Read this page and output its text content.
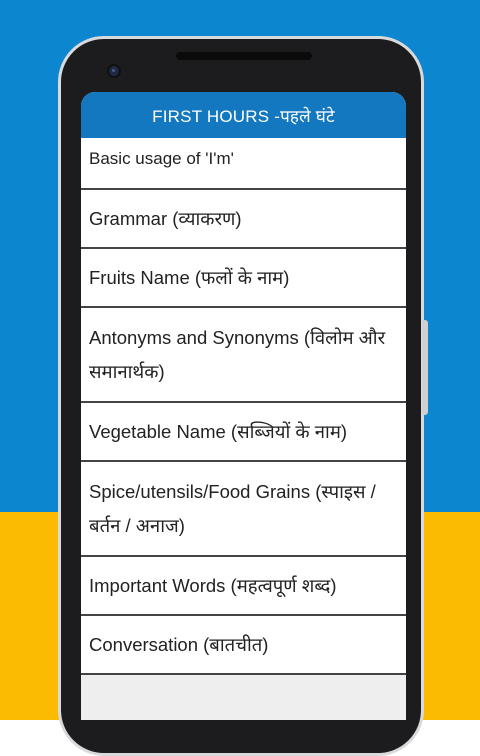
FIRST HOURS -पहले घंटे
Basic usage of 'I'm'
Grammar (व्याकरण)
Fruits Name (फलों के नाम)
Antonyms and Synonyms (विलोम और समानार्थक)
Vegetable Name (सब्जियों के नाम)
Spice/utensils/Food Grains (स्पाइस / बर्तन / अनाज)
Important Words (महत्वपूर्ण शब्द)
Conversation (बातचीत)
